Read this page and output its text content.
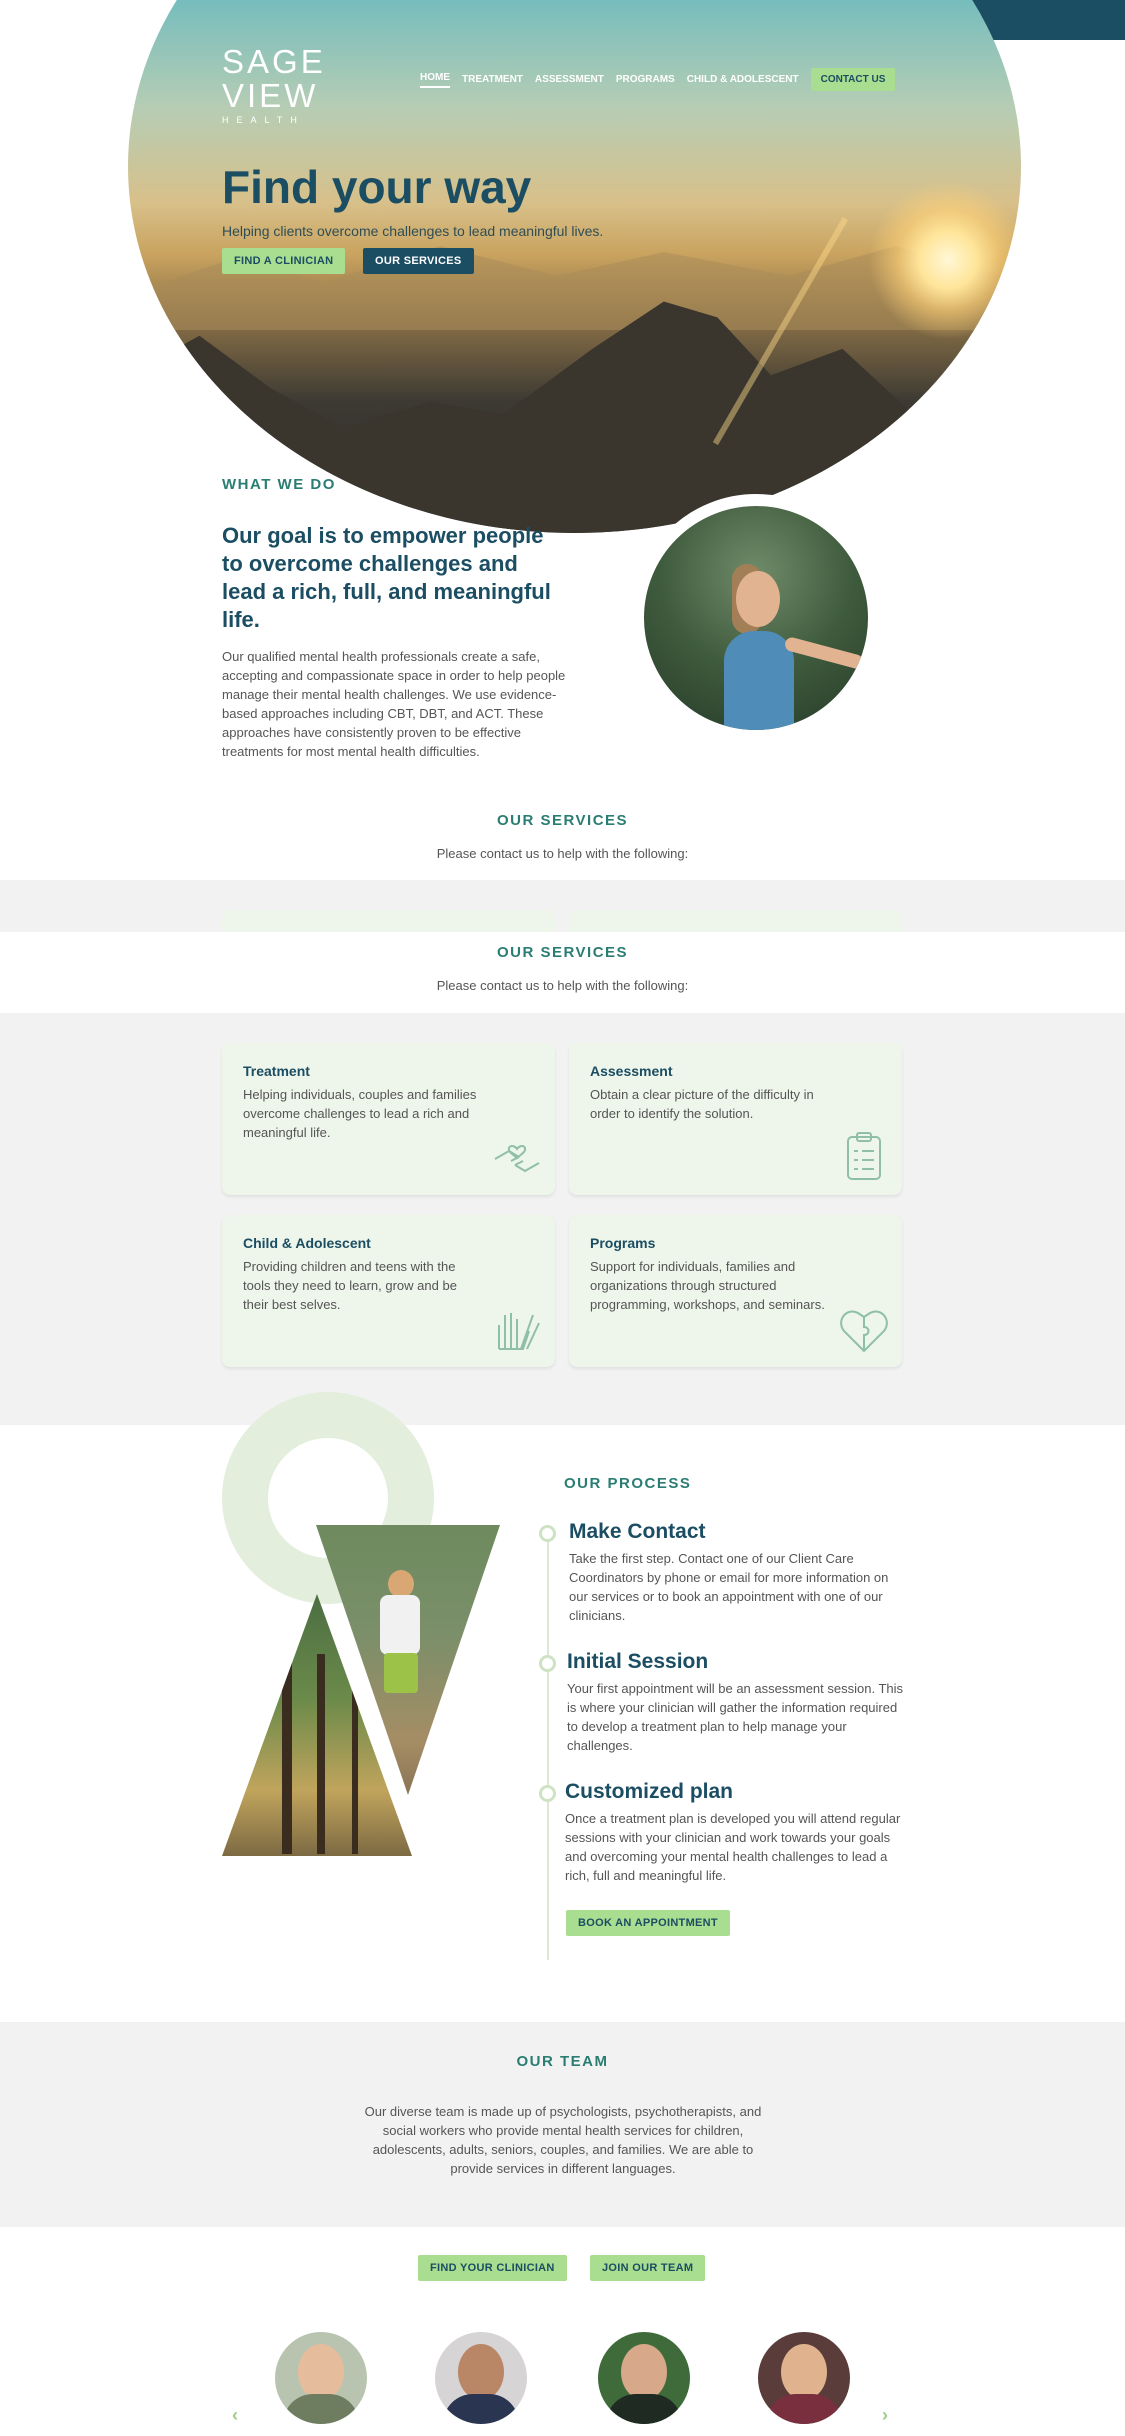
SAGE
VIEW
HEALTH
HOME TREATMENT ASSESSMENT PROGRAMS CHILD & ADOLESCENT	CONTACT US
Find your way
Helping clients overcome challenges to lead meaningful lives.
FIND A CLINICIAN	OUR SERVICES
WHAT WE DO
Our goal is to empower people to overcome challenges and lead a rich, full, and meaningful life.
Our qualified mental health professionals create a safe, accepting and compassionate space in order to help people manage their mental health challenges. We use evidence-based approaches including CBT, DBT, and ACT. These approaches have consistently proven to be effective treatments for most mental health difficulties.
OUR SERVICES
Please contact us to help with the following:
OUR SERVICES
Please contact us to help with the following:
Treatment
Helping individuals, couples and families overcome challenges to lead a rich and meaningful life.
Assessment
Obtain a clear picture of the difficulty in order to identify the solution.
Child & Adolescent
Providing children and teens with the tools they need to learn, grow and be their best selves.
Programs
Support for individuals, families and organizations through structured programming, workshops, and seminars.
OUR PROCESS
Make Contact
Take the first step. Contact one of our Client Care Coordinators by phone or email for more information on our services or to book an appointment with one of our clinicians.
Initial Session
Your first appointment will be an assessment session. This is where your clinician will gather the information required to develop a treatment plan to help manage your challenges.
Customized plan
Once a treatment plan is developed you will attend regular sessions with your clinician and work towards your goals and overcoming your mental health challenges to lead a rich, full and meaningful life.
BOOK AN APPOINTMENT
OUR TEAM
Our diverse team is made up of psychologists, psychotherapists, and social workers who provide mental health services for children, adolescents, adults, seniors, couples, and families. We are able to provide services in different languages.
FIND YOUR CLINICIAN	JOIN OUR TEAM
‹	›
